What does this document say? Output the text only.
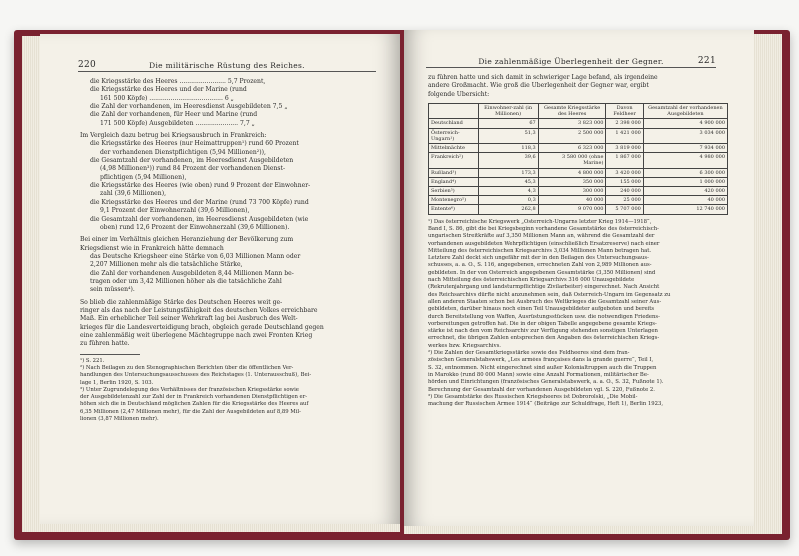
220	Die militärische Rüstung des Reiches.
die Kriegsstärke des Heeres ........................ 5,7 Prozent,
die Kriegsstärke des Heeres und der Marine (rund
161 500 Köpfe) ...................................... 6 „
die Zahl der vorhandenen, im Heeresdienst Ausgebildeten 7,5 „
die Zahl der vorhandenen, für Heer und Marine (rund
171 500 Köpfe) Ausgebildeten ...................... 7,7 „
Im Vergleich dazu betrug bei Kriegsausbruch in Frankreich:
die Kriegsstärke des Heeres (nur Heimattruppen¹) rund 60 Prozent
der vorhandenen Dienstpflichtigen (5,94 Millionen²)),
die Gesamtzahl der vorhandenen, im Heeresdienst Ausgebildeten
(4,98 Millionen³)) rund 84 Prozent der vorhandenen Dienst-
pflichtigen (5,94 Millionen),
die Kriegsstärke des Heeres (wie oben) rund 9 Prozent der Einwohner-
zahl (39,6 Millionen),
die Kriegsstärke des Heeres und der Marine (rund 73 700 Köpfe) rund
9,1 Prozent der Einwohnerzahl (39,6 Millionen),
die Gesamtzahl der vorhandenen, im Heeresdienst Ausgebildeten (wie
oben) rund 12,6 Prozent der Einwohnerzahl (39,6 Millionen).
Bei einer im Verhältnis gleichen Heranziehung der Bevölkerung zum
Kriegsdienst wie in Frankreich hätte demnach
das Deutsche Kriegsheer eine Stärke von 6,03 Millionen Mann oder
2,207 Millionen mehr als die tatsächliche Stärke,
die Zahl der vorhandenen Ausgebildeten 8,44 Millionen Mann be-
tragen oder um 3,42 Millionen höher als die tatsächliche Zahl
sein müssen⁴).
So blieb die zahlenmäßige Stärke des Deutschen Heeres weit ge-
ringer als das nach der Leistungsfähigkeit des deutschen Volkes erreichbare
Maß. Ein erheblicher Teil seiner Wehrkraft lag bei Ausbruch des Welt-
krieges für die Landesverteidigung brach, obgleich gerade Deutschland gegen
eine zahlenmäßig weit überlegene Mächtegruppe nach zwei Fronten Krieg
zu führen hatte.
¹) S. 221.
²) Nach Beilagen zu den Stenographischen Berichten über die öffentlichen Ver-
handlungen des Untersuchungsausschusses des Reichstages (1. Unterausschuß), Bei-
lage 1, Berlin 1920, S. 103.
³) Unter Zugrundelegung des Verhältnisses der französischen Kriegsstärke sowie
der Ausgebildetenzahl zur Zahl der in Frankreich vorhandenen Dienstpflichtigen er-
höhen sich die in Deutschland möglichen Zahlen für die Kriegsstärke des Heeres auf
6,35 Millionen (2,47 Millionen mehr), für die Zahl der Ausgebildeten auf 8,89 Mil-
lionen (3,87 Millionen mehr).
221
Die zahlenmäßige Überlegenheit der Gegner.
zu führen hatte und sich damit in schwieriger Lage befand, als irgendeine
andere Großmacht. Wie groß die Überlegenheit der Gegner war, ergibt
folgende Übersicht:
	Einwohner-zahl (in Millionen)	Gesamte Kriegsstärke des Heeres	Davon Feldheer	Gesamtzahl der vorhandenen Ausgebildeten
Deutschland	67	3 823 000	2 398 000	4 900 000
Österreich-Ungarn¹)	51,3	2 500 000	1 421 000	3 034 000
Mittelmächte	118,3	6 323 000	3 819 000	7 934 000
Frankreich²)	39,6	3 580 000 (ohne Marine)	1 867 000	4 980 000
Rußland³)	173,3	4 800 000	3 420 000	6 300 000
England⁴)	45,3	350 000	155 000	1 000 000
Serbien⁵)	4,3	300 000	240 000	420 000
Montenegro⁵)	0,3	40 000	25 000	40 000
Entente⁶)	262,8	9 070 000	5 707 000	12 740 000
¹) Das österreichische Kriegswerk „Österreich-Ungarns letzter Krieg 1914—1918“,
Band I, S. 86, gibt die bei Kriegsbeginn vorhandene Gesamtstärke des österreichisch-
ungarischen Streitkräfte auf 3,350 Millionen Mann an, während die Gesamtzahl der
vorhandenen ausgebildeten Wehrpflichtigen (einschließlich Ersatzreserve) nach einer
Mitteilung des österreichischen Kriegsarchivs 3,034 Millionen Mann betragen hat.
Letztere Zahl deckt sich ungefähr mit der in den Beilagen des Untersuchungsaus-
schusses, a. a. O., S. 116, angegebenen, errechneten Zahl von 2,989 Millionen aus-
gebildeten. In der von Österreich angegebenen Gesamtstärke (3,350 Millionen) sind
nach Mitteilung des österreichischen Kriegsarchivs 316 000 Unausgebildete
(Rekrutenjahrgang und landsturmpflichtige Zivilarbeiter) eingerechnet. Nach Ansicht
des Reichsarchivs dürfte nicht anzunehmen sein, daß Österreich-Ungarn im Gegensatz zu
allen anderen Staaten schon bei Ausbruch des Weltkrieges die Gesamtzahl seiner Aus-
gebildeten, darüber hinaus noch einen Teil Unausgebildeter aufgeboten und bereits
durch Bereitstellung von Waffen, Ausrüstungsstücken usw. die notwendigen Friedens-
vorbereitungen getroffen hat. Die in der obigen Tabelle angegebene gesamte Kriegs-
stärke ist nach den vom Reichsarchiv zur Verfügung stehenden sonstigen Unterlagen
errechnet, die übrigen Zahlen entsprechen den Angaben des österreichischen Kriegs-
werkes bzw. Kriegsarchivs.
²) Die Zahlen der Gesamtkriegsstärke sowie des Feldheeres sind dem fran-
zösischen Generalstabswerk, „Les armées françaises dans la grande guerre“, Teil I,
S. 32, entnommen. Nicht eingerechnet sind außer Kolonialtruppen auch die Truppen
in Marokko (rund 80 000 Mann) sowie eine Anzahl Formationen, militärischer Be-
hörden und Einrichtungen (französisches Generalstabswerk, a. a. O., S. 32, Fußnote 1).
Berechnung der Gesamtzahl der vorhandenen Ausgebildeten vgl. S. 220, Fußnote 2.
³) Die Gesamtstärke des Russischen Kriegsheeres ist Dobrorolski, „Die Mobil-
machung der Russischen Armee 1914“ (Beiträge zur Schuldfrage, Heft 1), Berlin 1923,
